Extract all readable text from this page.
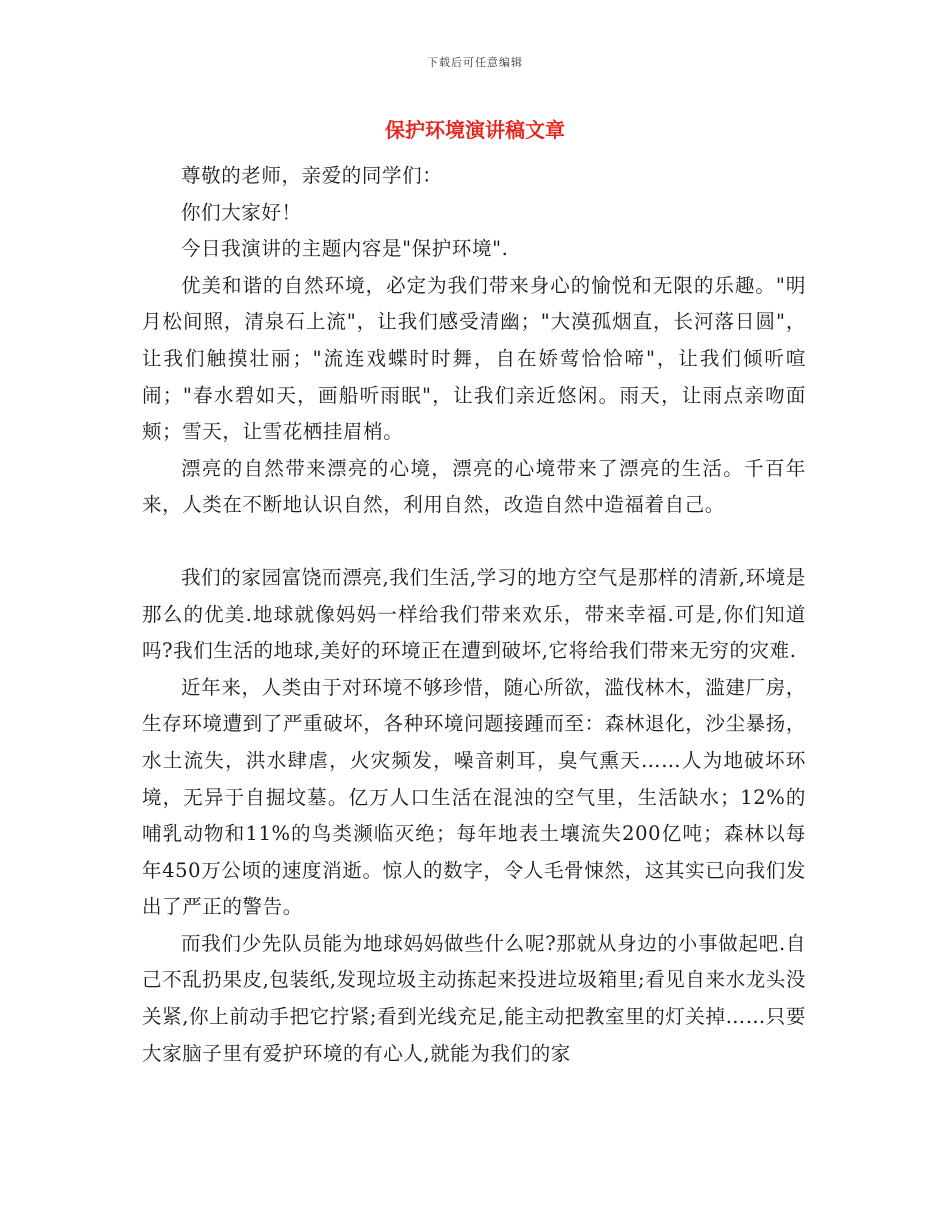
下载后可任意编辑
保护环境演讲稿文章

尊敬的老师，亲爱的同学们：

你们大家好！

今日我演讲的主题内容是"保护环境".

优美和谐的自然环境，必定为我们带来身心的愉悦和无限的乐趣。"明月松间照，清泉石上流"，让我们感受清幽；"大漠孤烟直，长河落日圆"，让我们触摸壮丽；"流连戏蝶时时舞，自在娇莺恰恰啼"，让我们倾听喧闹；"春水碧如天，画船听雨眠"，让我们亲近悠闲。雨天，让雨点亲吻面颊；雪天，让雪花栖挂眉梢。

漂亮的自然带来漂亮的心境，漂亮的心境带来了漂亮的生活。千百年来，人类在不断地认识自然，利用自然，改造自然中造福着自己。

我们的家园富饶而漂亮,我们生活,学习的地方空气是那样的清新,环境是那么的优美.地球就像妈妈一样给我们带来欢乐，带来幸福.可是,你们知道吗?我们生活的地球,美好的环境正在遭到破坏,它将给我们带来无穷的灾难.

近年来，人类由于对环境不够珍惜，随心所欲，滥伐林木，滥建厂房，生存环境遭到了严重破坏，各种环境问题接踵而至：森林退化，沙尘暴扬，水土流失，洪水肆虐，火灾频发，噪音刺耳，臭气熏天……人为地破坏环境，无异于自掘坟墓。亿万人口生活在混浊的空气里，生活缺水；12%的哺乳动物和11%的鸟类濒临灭绝；每年地表土壤流失200亿吨；森林以每年450万公顷的速度消逝。惊人的数字，令人毛骨悚然，这其实已向我们发出了严正的警告。

而我们少先队员能为地球妈妈做些什么呢?那就从身边的小事做起吧.自己不乱扔果皮,包装纸,发现垃圾主动拣起来投进垃圾箱里;看见自来水龙头没关紧,你上前动手把它拧紧;看到光线充足,能主动把教室里的灯关掉……只要大家脑子里有爱护环境的有心人,就能为我们的家
